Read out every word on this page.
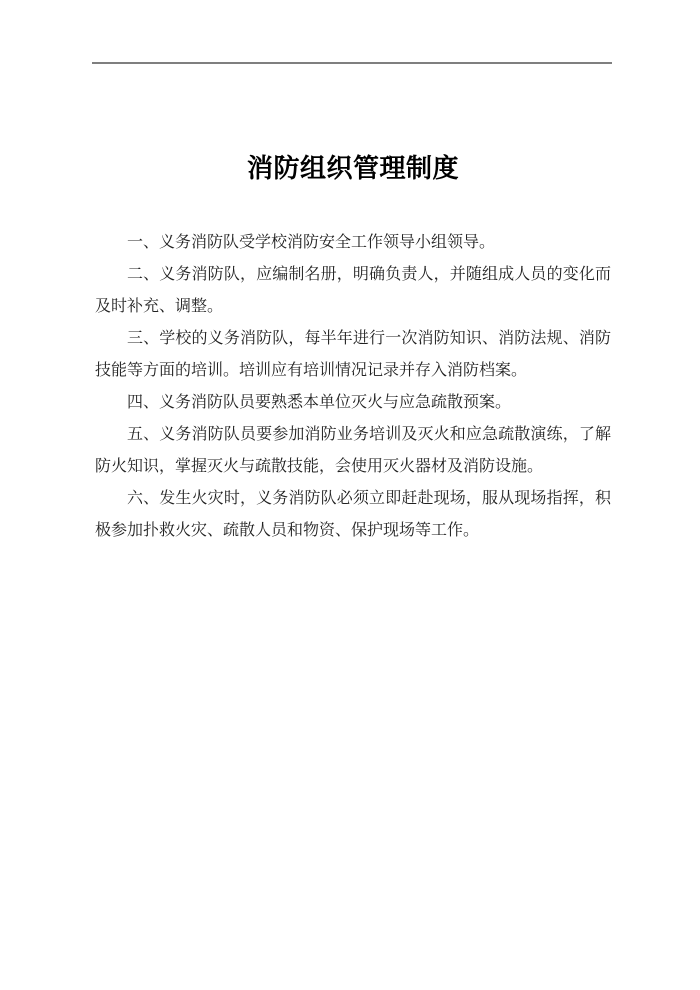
消防组织管理制度

一、义务消防队受学校消防安全工作领导小组领导。

二、义务消防队，应编制名册，明确负责人，并随组成人员的变化而及时补充、调整。

三、学校的义务消防队，每半年进行一次消防知识、消防法规、消防技能等方面的培训。培训应有培训情况记录并存入消防档案。

四、义务消防队员要熟悉本单位灭火与应急疏散预案。

五、义务消防队员要参加消防业务培训及灭火和应急疏散演练，了解防火知识，掌握灭火与疏散技能，会使用灭火器材及消防设施。

六、发生火灾时，义务消防队必须立即赶赴现场，服从现场指挥，积极参加扑救火灾、疏散人员和物资、保护现场等工作。
